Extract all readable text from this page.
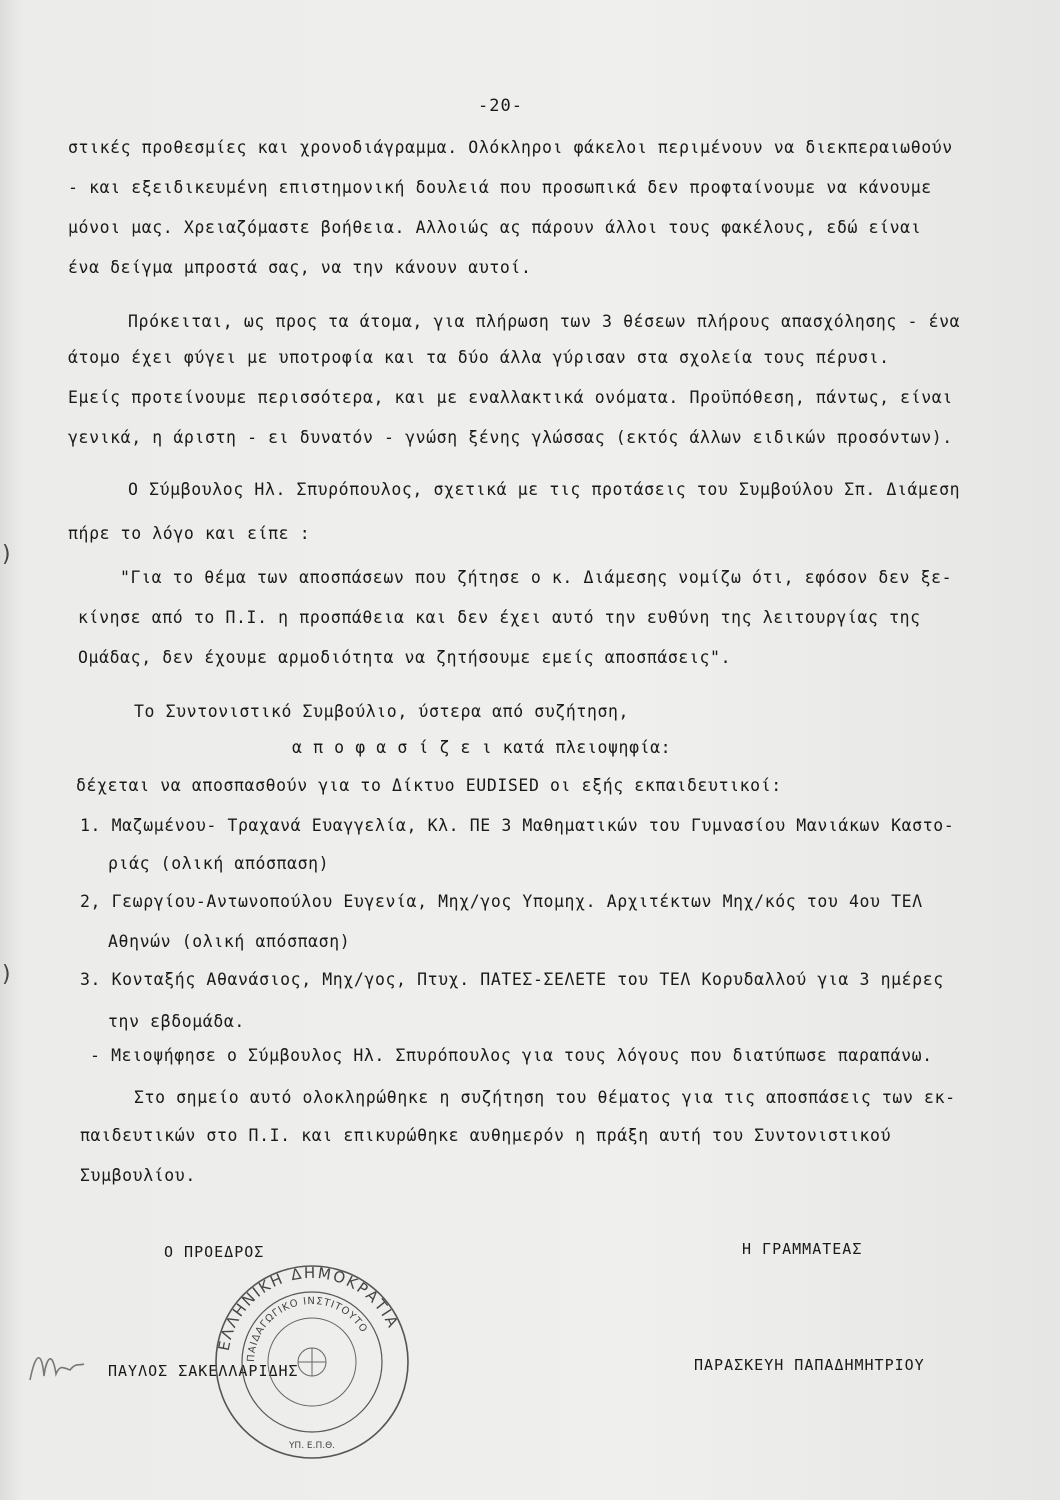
)
)
-20-
στικές προθεσμίες και χρονοδιάγραμμα. Ολόκληροι φάκελοι περιμένουν να διεκπεραιωθούν
- και εξειδικευμένη επιστημονική δουλειά που προσωπικά δεν προφταίνουμε να κάνουμε
μόνοι μας. Χρειαζόμαστε βοήθεια. Αλλοιώς ας πάρουν άλλοι τους φακέλους, εδώ είναι
ένα δείγμα μπροστά σας, να την κάνουν αυτοί.
Πρόκειται, ως προς τα άτομα, για πλήρωση των 3 θέσεων πλήρους απασχόλησης - ένα
άτομο έχει φύγει με υποτροφία και τα δύο άλλα γύρισαν στα σχολεία τους πέρυσι.
Εμείς προτείνουμε περισσότερα, και με εναλλακτικά ονόματα. Προϋπόθεση, πάντως, είναι
γενικά, η άριστη - ει δυνατόν - γνώση ξένης γλώσσας (εκτός άλλων ειδικών προσόντων).
Ο Σύμβουλος Ηλ. Σπυρόπουλος, σχετικά με τις προτάσεις του Συμβούλου Σπ. Διάμεση
πήρε το λόγο και είπε :
"Για το θέμα των αποσπάσεων που ζήτησε ο κ. Διάμεσης νομίζω ότι, εφόσον δεν ξε-
κίνησε από το Π.Ι. η προσπάθεια και δεν έχει αυτό την ευθύνη της λειτουργίας της
Ομάδας, δεν έχουμε αρμοδιότητα να ζητήσουμε εμείς αποσπάσεις".
Το Συντονιστικό Συμβούλιο, ύστερα από συζήτηση,
α π ο φ α σ ί ζ ε ι κατά πλειοψηφία:
δέχεται να αποσπασθούν για το Δίκτυο EUDISED οι εξής εκπαιδευτικοί:
1. Μαζωμένου- Τραχανά Ευαγγελία, Κλ. ΠΕ 3 Μαθηματικών του Γυμνασίου Μανιάκων Καστο-
ριάς (ολική απόσπαση)
2, Γεωργίου-Αντωνοπούλου Ευγενία, Μηχ/γος Υπομηχ. Αρχιτέκτων Μηχ/κός του 4ου ΤΕΛ
Αθηνών (ολική απόσπαση)
3. Κονταξής Αθανάσιος, Μηχ/γος, Πτυχ. ΠΑΤΕΣ-ΣΕΛΕΤΕ του ΤΕΛ Κορυδαλλού για 3 ημέρες
την εβδομάδα.
- Μειοψήφησε ο Σύμβουλος Ηλ. Σπυρόπουλος για τους λόγους που διατύπωσε παραπάνω.
Στο σημείο αυτό ολοκληρώθηκε η συζήτηση του θέματος για τις αποσπάσεις των εκ-
παιδευτικών στο Π.Ι. και επικυρώθηκε αυθημερόν η πράξη αυτή του Συντονιστικού
Συμβουλίου.
Ο ΠΡΟΕΔΡΟΣ	Η ΓΡΑΜΜΑΤΕΑΣ
ΠΑΥΛΟΣ ΣΑΚΕΛΛΑΡΙΔΗΣ	ΠΑΡΑΣΚΕΥΗ ΠΑΠΑΔΗΜΗΤΡΙΟΥ
ΕΛΛΗΝΙΚΗ ΔΗΜΟΚΡΑΤΙΑ
ΠΑΙΔΑΓΩΓΙΚΟ ΙΝΣΤΙΤΟΥΤΟ
ΥΠ. Ε.Π.Θ.
